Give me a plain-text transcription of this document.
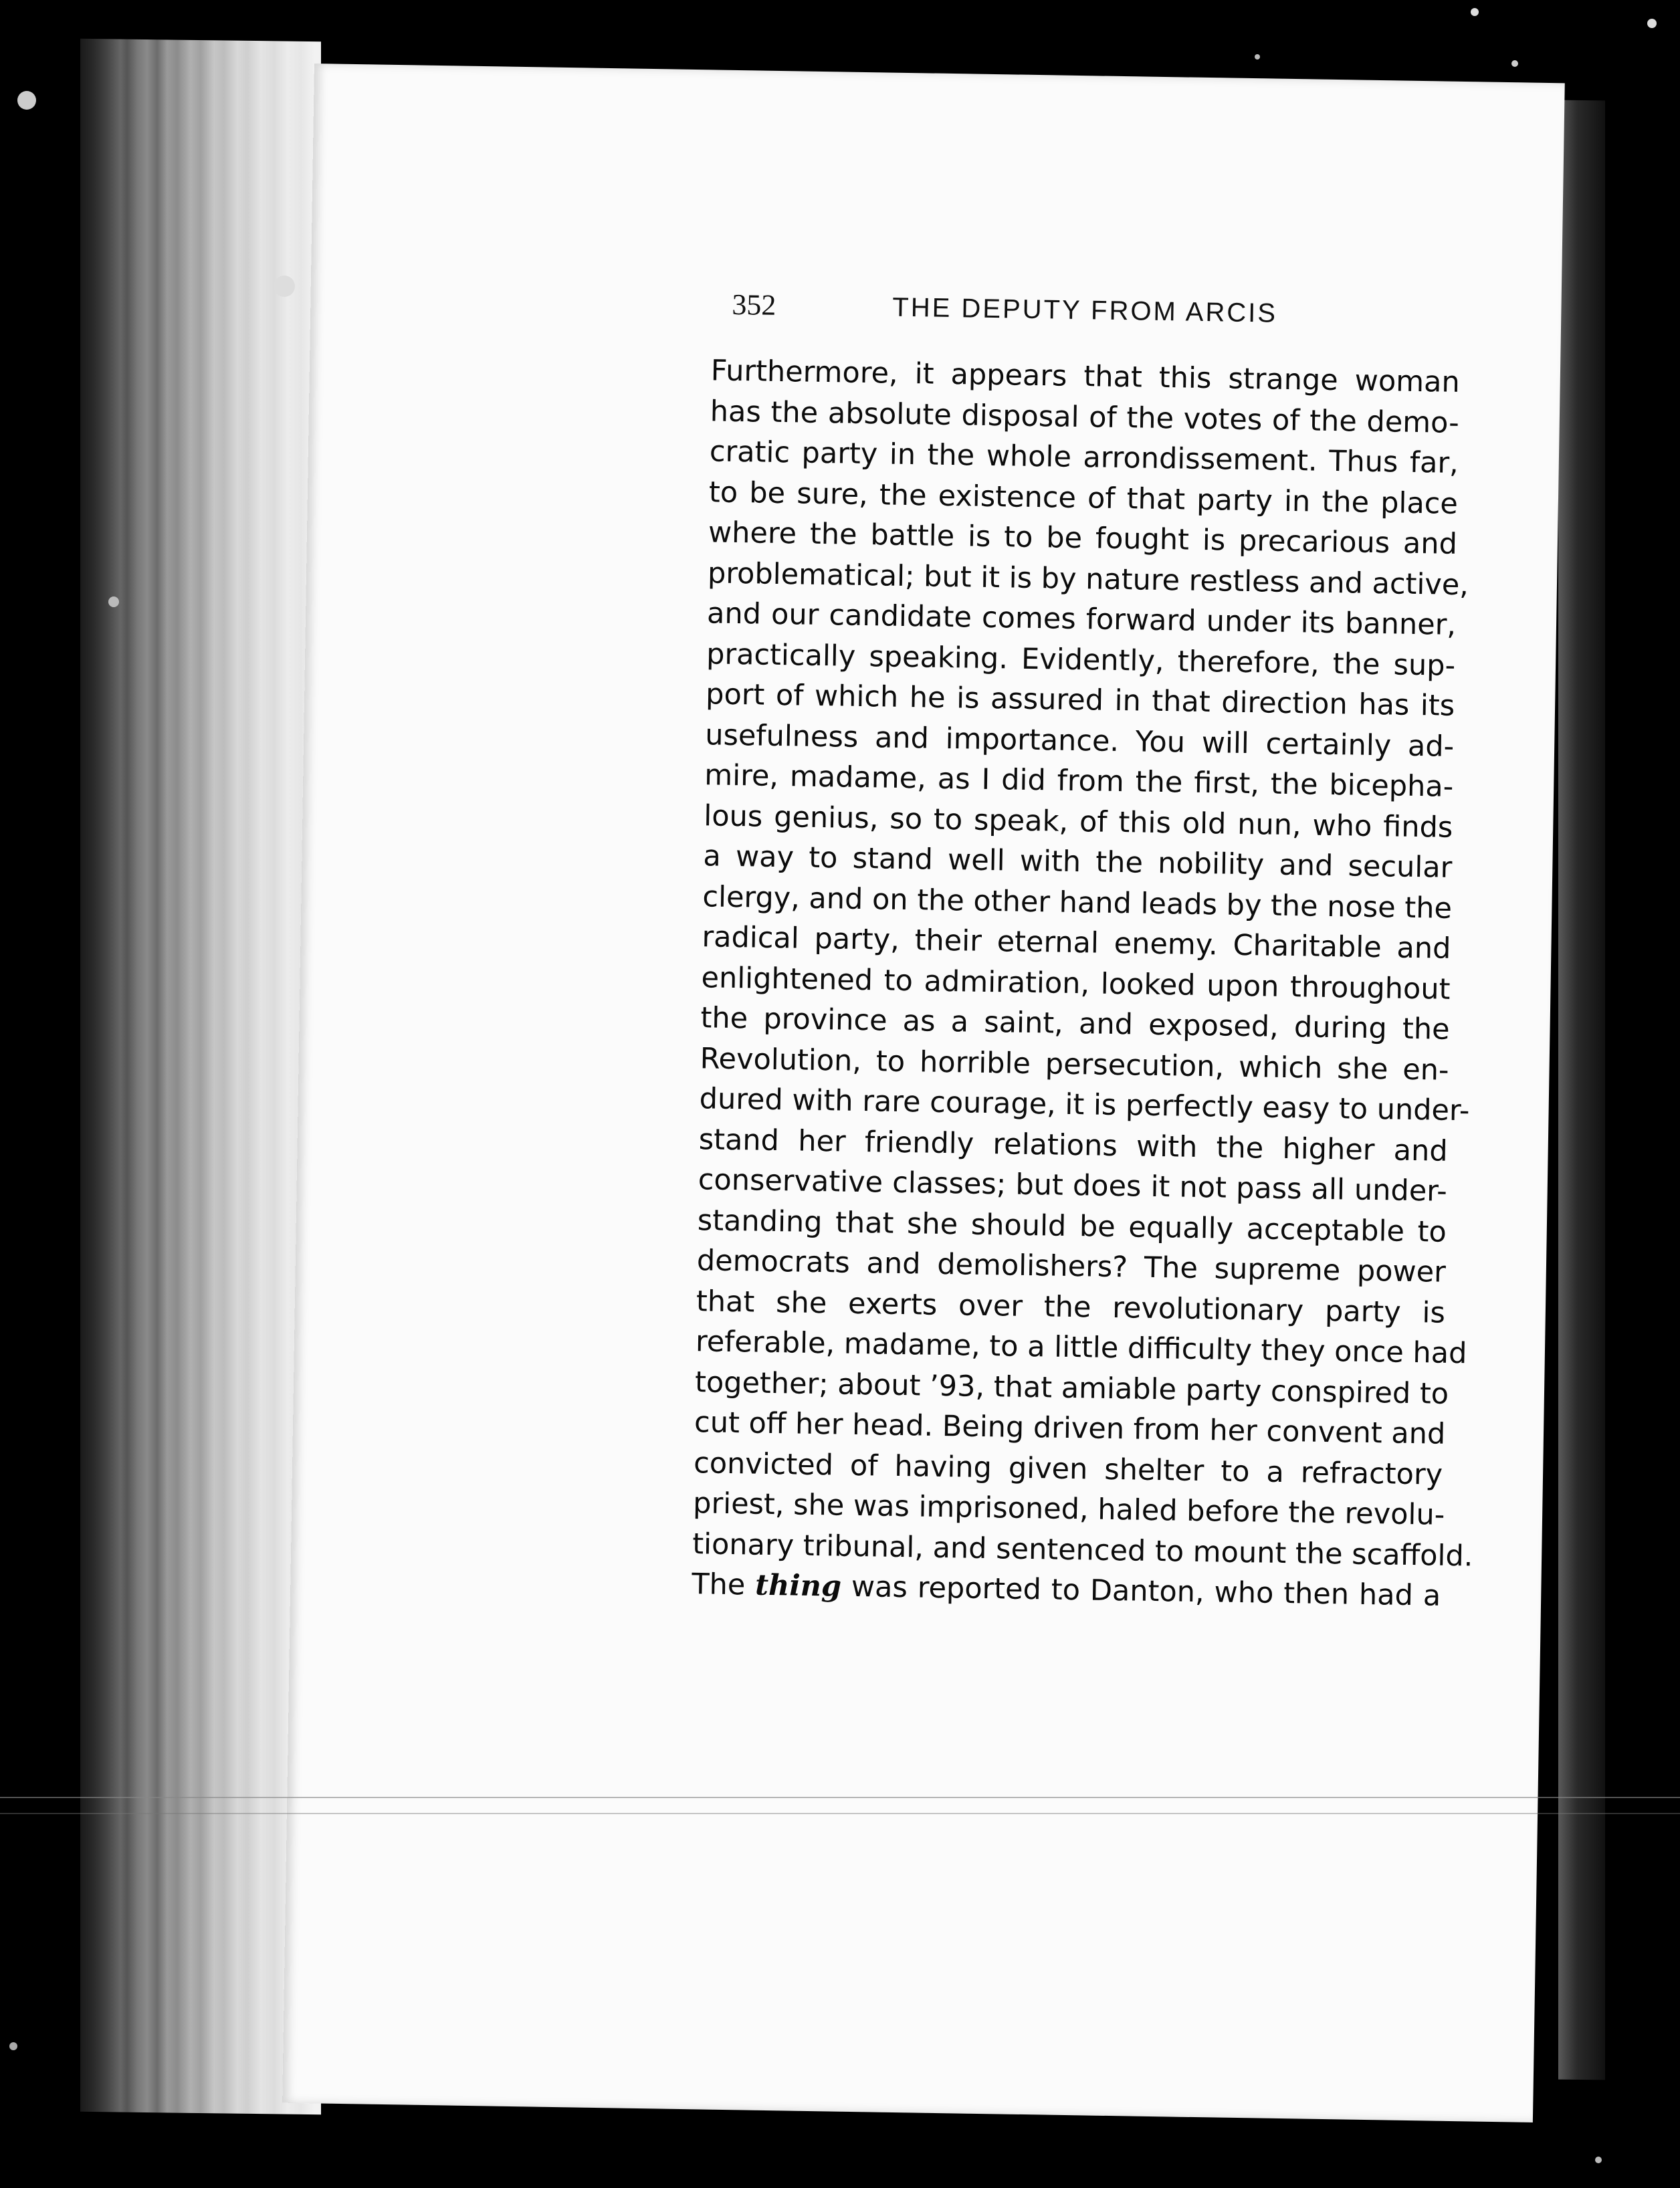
352	THE DEPUTY FROM ARCIS
Furthermore, it appears that this strange woman
has the absolute disposal of the votes of the demo-
cratic party in the whole arrondissement. Thus far,
to be sure, the existence of that party in the place
where the battle is to be fought is precarious and
problematical; but it is by nature restless and active,
and our candidate comes forward under its banner,
practically speaking. Evidently, therefore, the sup-
port of which he is assured in that direction has its
usefulness and importance. You will certainly ad-
mire, madame, as I did from the first, the bicepha-
lous genius, so to speak, of this old nun, who finds
a way to stand well with the nobility and secular
clergy, and on the other hand leads by the nose the
radical party, their eternal enemy. Charitable and
enlightened to admiration, looked upon throughout
the province as a saint, and exposed, during the
Revolution, to horrible persecution, which she en-
dured with rare courage, it is perfectly easy to under-
stand her friendly relations with the higher and
conservative classes; but does it not pass all under-
standing that she should be equally acceptable to
democrats and demolishers? The supreme power
that she exerts over the revolutionary party is
referable, madame, to a little difficulty they once had
together; about ’93, that amiable party conspired to
cut off her head. Being driven from her convent and
convicted of having given shelter to a refractory
priest, she was imprisoned, haled before the revolu-
tionary tribunal, and sentenced to mount the scaffold.
The thing was reported to Danton, who then had a
